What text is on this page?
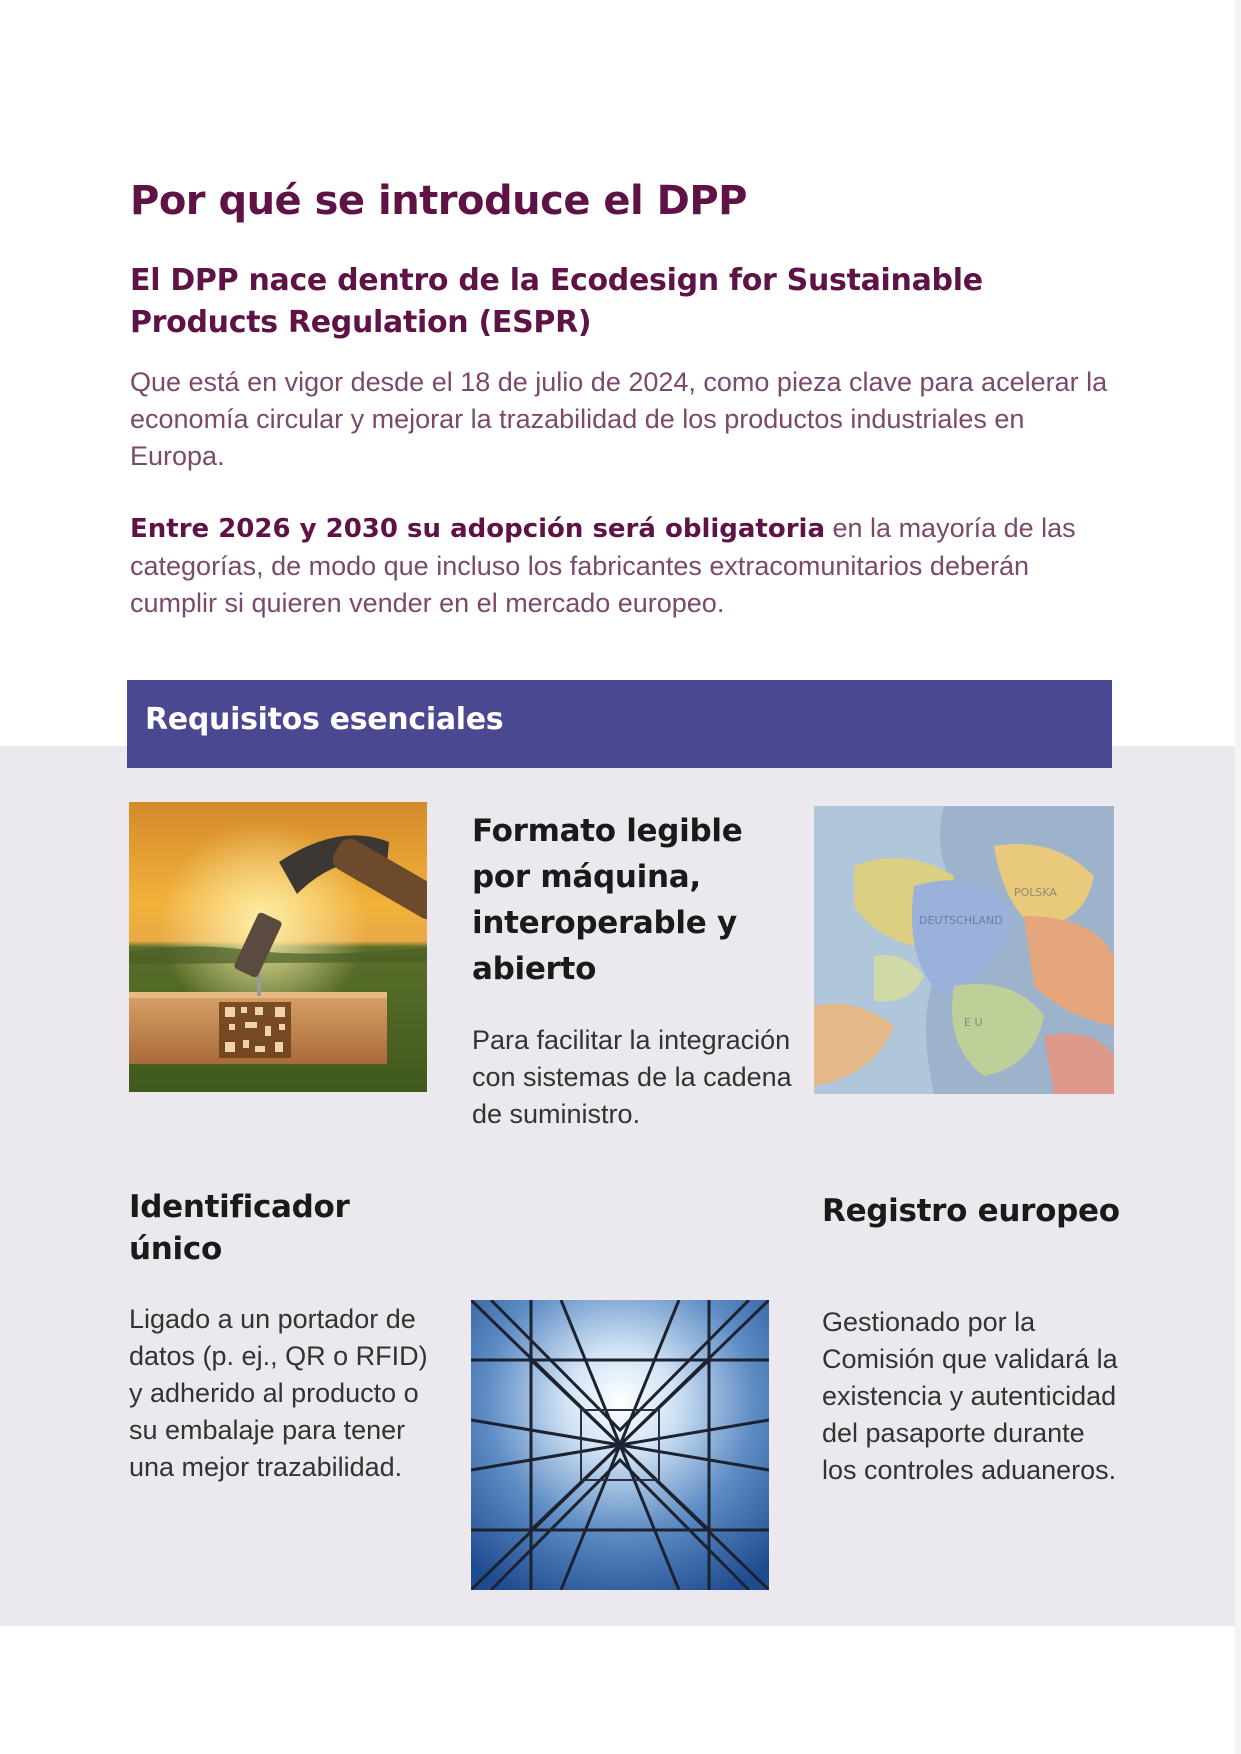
Por qué se introduce el DPP
El DPP nace dentro de la Ecodesign for Sustainable Products Regulation (ESPR)

Que está en vigor desde el 18 de julio de 2024, como pieza clave para acelerar la economía circular y mejorar la trazabilidad de los productos industriales en Europa.

Entre 2026 y 2030 su adopción será obligatoria en la mayoría de las categorías, de modo que incluso los fabricantes extracomunitarios deberán cumplir si quieren vender en el mercado europeo.

Requisitos esenciales
Formato legible por máquina, interoperable y abierto

Para facilitar la integración con sistemas de la cadena de suministro.

DEUTSCHLAND
POLSKA
E U
Identificador único

Ligado a un portador de datos (p. ej., QR o RFID) y adherido al producto o su embalaje para tener una mejor trazabilidad.

Registro europeo

Gestionado por la Comisión que validará la existencia y autenticidad del pasaporte durante los controles aduaneros.
